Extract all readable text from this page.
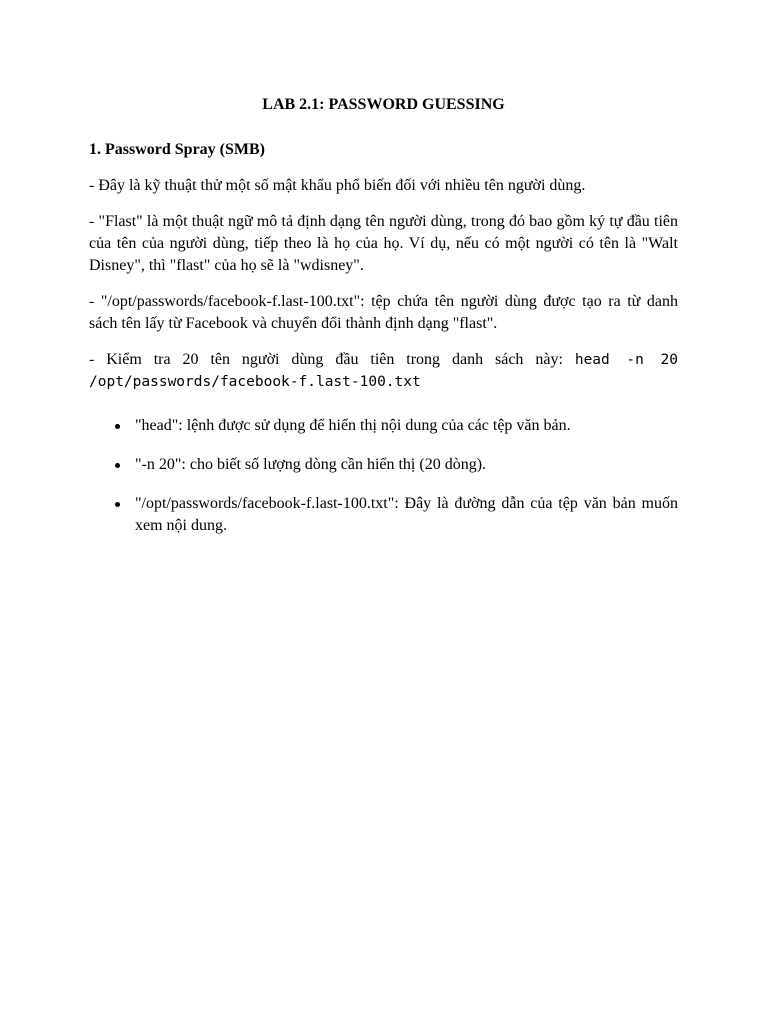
LAB 2.1: PASSWORD GUESSING
1. Password Spray (SMB)

- Đây là kỹ thuật thử một số mật khẩu phổ biến đối với nhiều tên người dùng.

- "Flast" là một thuật ngữ mô tả định dạng tên người dùng, trong đó bao gồm ký tự đầu tiên của tên của người dùng, tiếp theo là họ của họ. Ví dụ, nếu có một người có tên là "Walt Disney", thì "flast" của họ sẽ là "wdisney".

- "/opt/passwords/facebook-f.last-100.txt": tệp chứa tên người dùng được tạo ra từ danh sách tên lấy từ Facebook và chuyển đổi thành định dạng "flast".

- Kiểm tra 20 tên người dùng đầu tiên trong danh sách này: head -n 20 /opt/passwords/facebook-f.last-100.txt

"head": lệnh được sử dụng để hiển thị nội dung của các tệp văn bản.
"-n 20": cho biết số lượng dòng cần hiển thị (20 dòng).
"/opt/passwords/facebook-f.last-100.txt": Đây là đường dẫn của tệp văn bản muốn xem nội dung.
